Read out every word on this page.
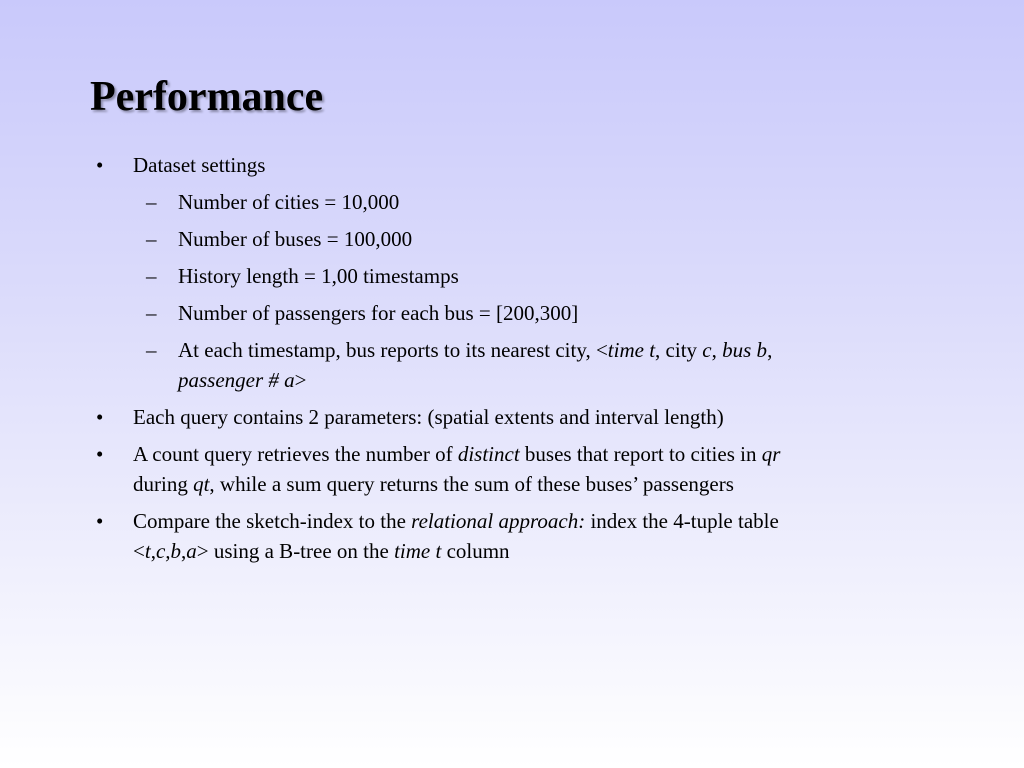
Performance
• Dataset settings
– Number of cities = 10,000
– Number of buses = 100,000
– History length = 1,00 timestamps
– Number of passengers for each bus = [200,300]
– At each timestamp, bus reports to its nearest city, <time t, city c, bus b,
passenger # a>
• Each query contains 2 parameters: (spatial extents and interval length)
• A count query retrieves the number of distinct buses that report to cities in qr
during qt, while a sum query returns the sum of these buses’ passengers
• Compare the sketch-index to the relational approach: index the 4-tuple table
<t,c,b,a> using a B-tree on the time t column
